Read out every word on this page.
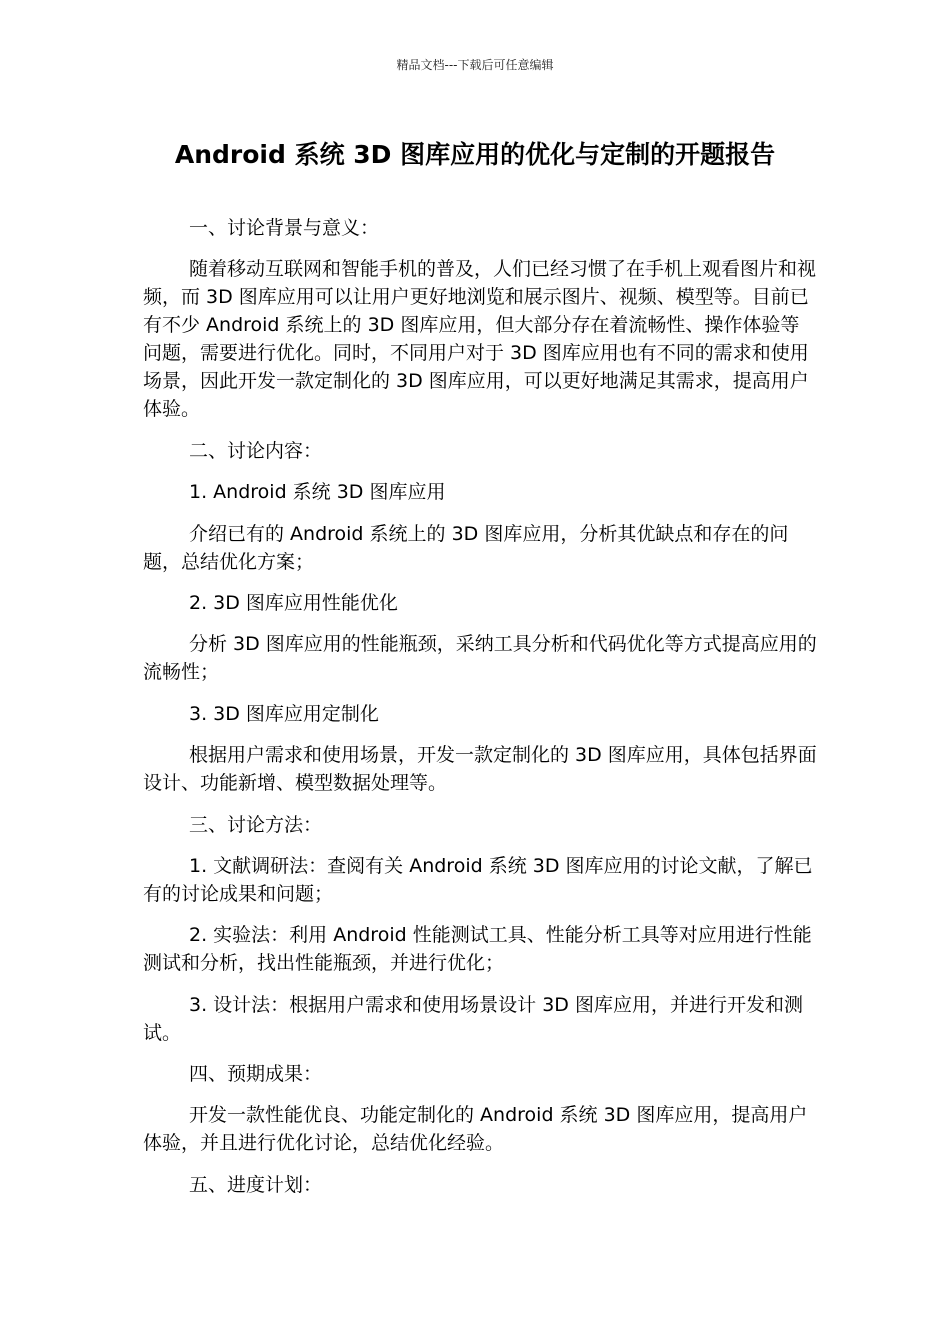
精品文档---下载后可任意编辑
Android 系统 3D 图库应用的优化与定制的开题报告

一、讨论背景与意义：

随着移动互联网和智能手机的普及，人们已经习惯了在手机上观看图片和视频，而 3D 图库应用可以让用户更好地浏览和展示图片、视频、模型等。目前已有不少 Android 系统上的 3D 图库应用，但大部分存在着流畅性、操作体验等问题，需要进行优化。同时，不同用户对于 3D 图库应用也有不同的需求和使用场景，因此开发一款定制化的 3D 图库应用，可以更好地满足其需求，提高用户体验。

二、讨论内容：

1. Android 系统 3D 图库应用

介绍已有的 Android 系统上的 3D 图库应用，分析其优缺点和存在的问题，总结优化方案；

2. 3D 图库应用性能优化

分析 3D 图库应用的性能瓶颈，采纳工具分析和代码优化等方式提高应用的流畅性；

3. 3D 图库应用定制化

根据用户需求和使用场景，开发一款定制化的 3D 图库应用，具体包括界面设计、功能新增、模型数据处理等。

三、讨论方法：

1. 文献调研法：查阅有关 Android 系统 3D 图库应用的讨论文献，了解已有的讨论成果和问题；

2. 实验法：利用 Android 性能测试工具、性能分析工具等对应用进行性能测试和分析，找出性能瓶颈，并进行优化；

3. 设计法：根据用户需求和使用场景设计 3D 图库应用，并进行开发和测试。

四、预期成果：

开发一款性能优良、功能定制化的 Android 系统 3D 图库应用，提高用户体验，并且进行优化讨论，总结优化经验。

五、进度计划：
